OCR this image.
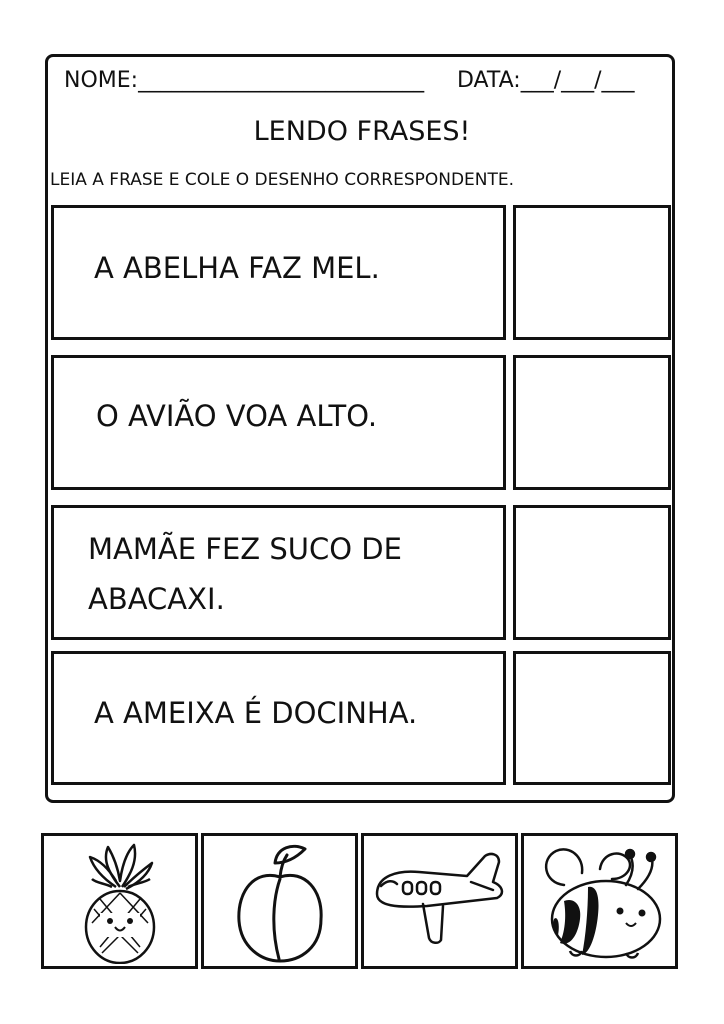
NOME:__________________________ DATA:___/___/___
LENDO FRASES!
LEIA A FRASE E COLE O DESENHO CORRESPONDENTE.
A ABELHA FAZ MEL.
O AVIÃO VOA ALTO.
MAMÃE FEZ SUCO DE
ABACAXI.
A AMEIXA É DOCINHA.
